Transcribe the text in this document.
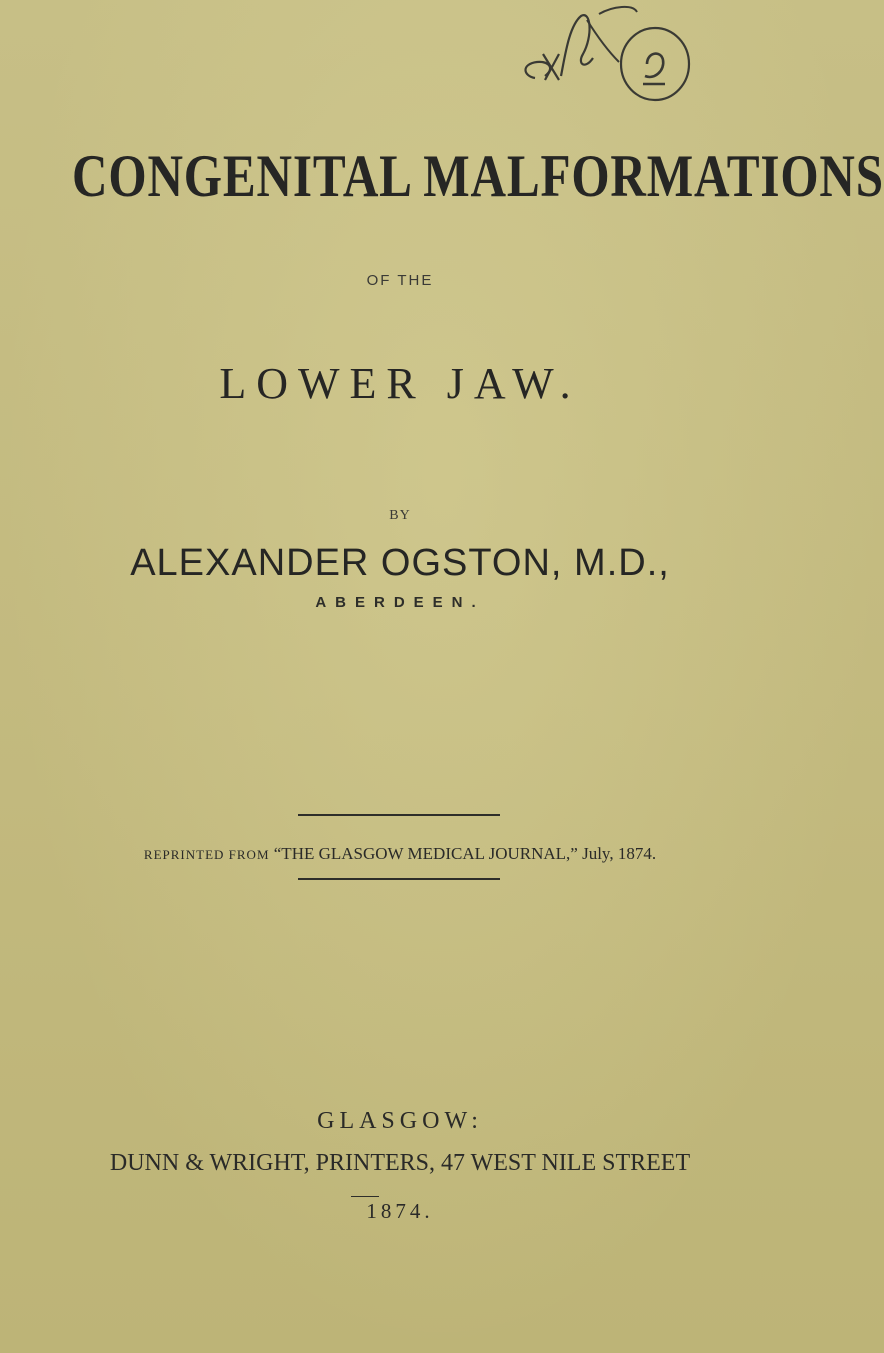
CONGENITAL MALFORMATIONS
OF THE
LOWER JAW.
BY
ALEXANDER OGSTON, M.D.,
ABERDEEN.
REPRINTED FROM “THE GLASGOW MEDICAL JOURNAL,” July, 1874.
GLASGOW:
DUNN & WRIGHT, PRINTERS, 47 WEST NILE STREET
1874.
